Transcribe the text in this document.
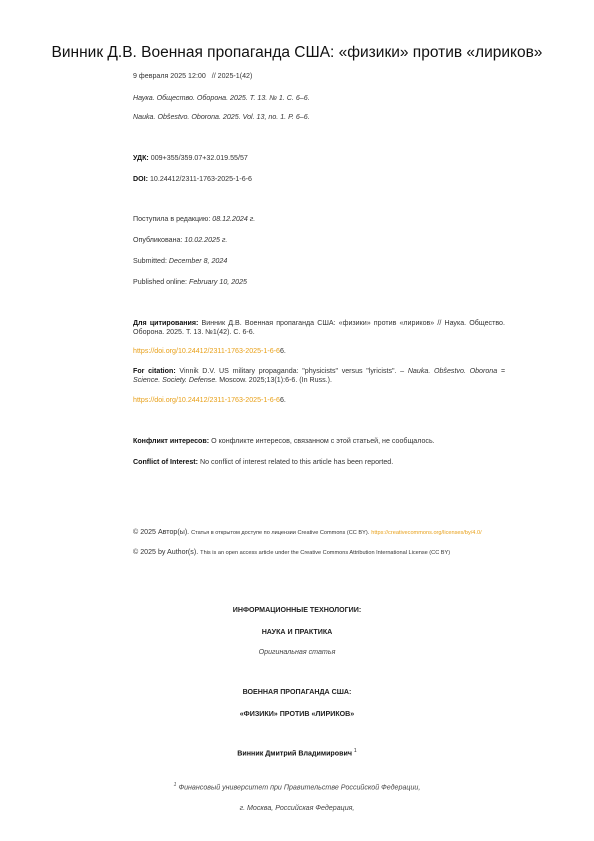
Винник Д.В. Военная пропаганда США: «физики» против «лириков»
9 февраля 2025 12:00 // 2025-1(42)
Наука. Общество. Оборона. 2025. Т. 13. № 1. С. 6–6.
Nauka. Obŝestvo. Oborona. 2025. Vol. 13, no. 1. P. 6–6.
УДК: 009+355/359.07+32.019.55/57
DOI: 10.24412/2311-1763-2025-1-6-6
Поступила в редакцию: 08.12.2024 г.
Опубликована: 10.02.2025 г.
Submitted: December 8, 2024
Published online: February 10, 2025
Для цитирования: Винник Д.В. Военная пропаганда США: «физики» против «лириков» // Наука. Общество. Оборона. 2025. Т. 13. №1(42). С. 6-6.
https://doi.org/10.24412/2311-1763-2025-1-6-66.
For citation: Vinnik D.V. US military propaganda: "physicists" versus "lyricists". – Nauka. Obŝestvo. Oborona = Science. Society. Defense. Moscow. 2025;13(1):6-6. (In Russ.).
https://doi.org/10.24412/2311-1763-2025-1-6-66.
Конфликт интересов: О конфликте интересов, связанном с этой статьей, не сообщалось.
Conflict of Interest: No conflict of interest related to this article has been reported.
© 2025 Автор(ы). Статья в открытом доступе по лицензии Creative Commons (CC BY). https://creativecommons.org/licenses/by/4.0/
© 2025 by Author(s). This is an open access article under the Creative Commons Attribution International License (CC BY)
ИНФОРМАЦИОННЫЕ ТЕХНОЛОГИИ:
НАУКА И ПРАКТИКА
Оригинальная статья
ВОЕННАЯ ПРОПАГАНДА США:
«ФИЗИКИ» ПРОТИВ «ЛИРИКОВ»
Винник Дмитрий Владимирович $^1$
$^1$ Финансовый университет при Правительстве Российской Федерации,
г. Москва, Российская Федерация,
